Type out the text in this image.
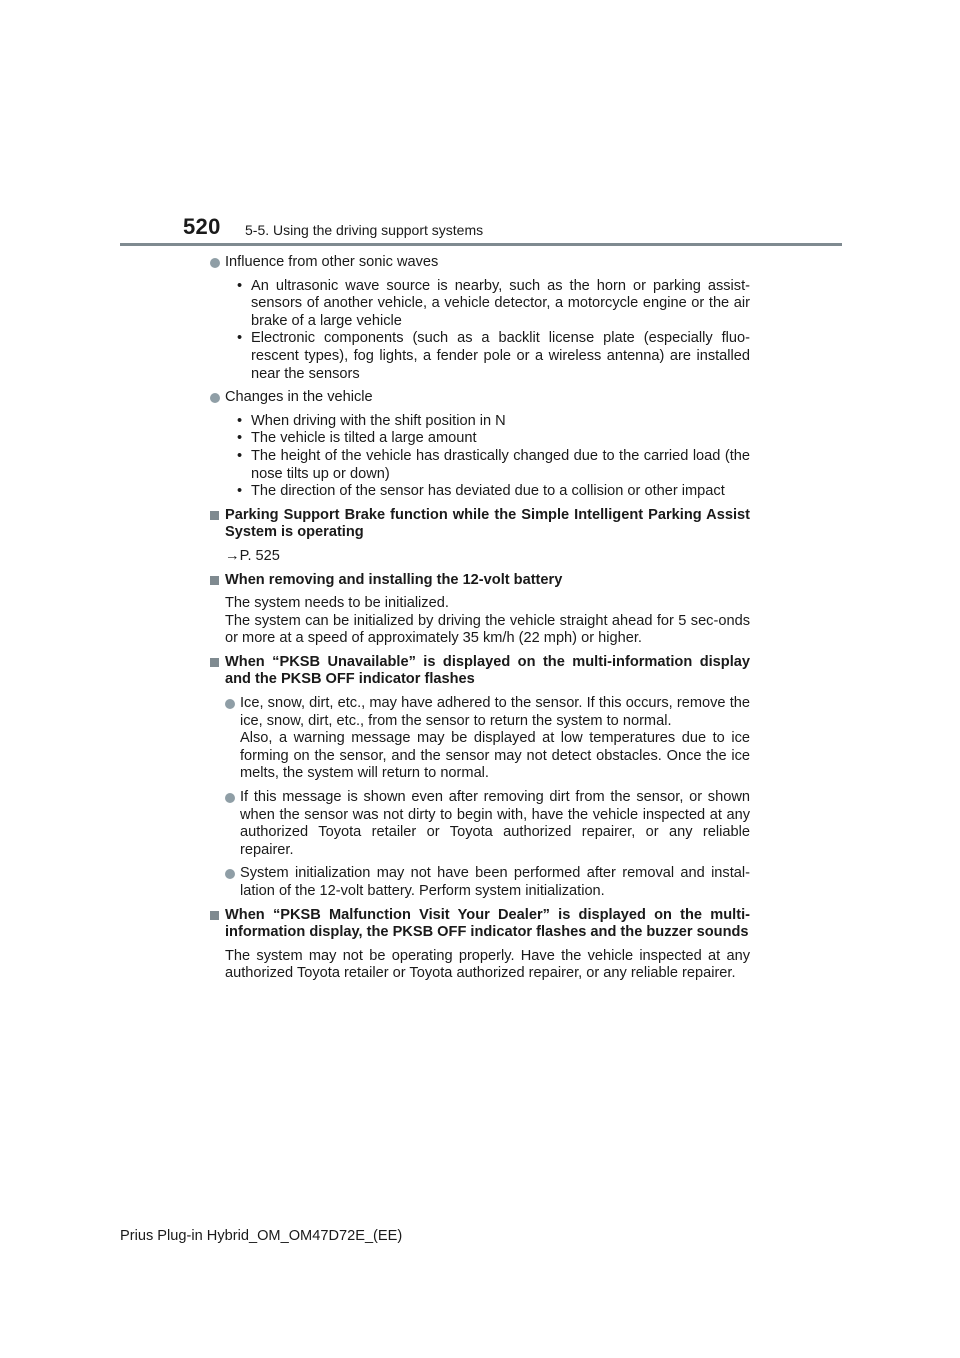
520 5-5. Using the driving support systems

Influence from other sonic waves

• An ultrasonic wave source is nearby, such as the horn or parking assist-sensors of another vehicle, a vehicle detector, a motorcycle engine or the air brake of a large vehicle
• Electronic components (such as a backlit license plate (especially fluo-rescent types), fog lights, a fender pole or a wireless antenna) are installed near the sensors

Changes in the vehicle

• When driving with the shift position in N
• The vehicle is tilted a large amount
• The height of the vehicle has drastically changed due to the carried load (the nose tilts up or down)
• The direction of the sensor has deviated due to a collision or other impact
Parking Support Brake function while the Simple Intelligent Parking Assist System is operating
→P. 525
When removing and installing the 12-volt battery

The system needs to be initialized.

The system can be initialized by driving the vehicle straight ahead for 5 sec-onds or more at a speed of approximately 35 km/h (22 mph) or higher.

When “PKSB Unavailable” is displayed on the multi-information display and the PKSB OFF indicator flashes

Ice, snow, dirt, etc., may have adhered to the sensor. If this occurs, remove the ice, snow, dirt, etc., from the sensor to return the system to normal.

Also, a warning message may be displayed at low temperatures due to ice forming on the sensor, and the sensor may not detect obstacles. Once the ice melts, the system will return to normal.

If this message is shown even after removing dirt from the sensor, or shown when the sensor was not dirty to begin with, have the vehicle inspected at any authorized Toyota retailer or Toyota authorized repairer, or any reliable repairer.

System initialization may not have been performed after removal and instal-lation of the 12-volt battery. Perform system initialization.

When “PKSB Malfunction Visit Your Dealer” is displayed on the multi-information display, the PKSB OFF indicator flashes and the buzzer sounds
The system may not be operating properly. Have the vehicle inspected at any authorized Toyota retailer or Toyota authorized repairer, or any reliable repairer.
Prius Plug-in Hybrid_OM_OM47D72E_(EE)
